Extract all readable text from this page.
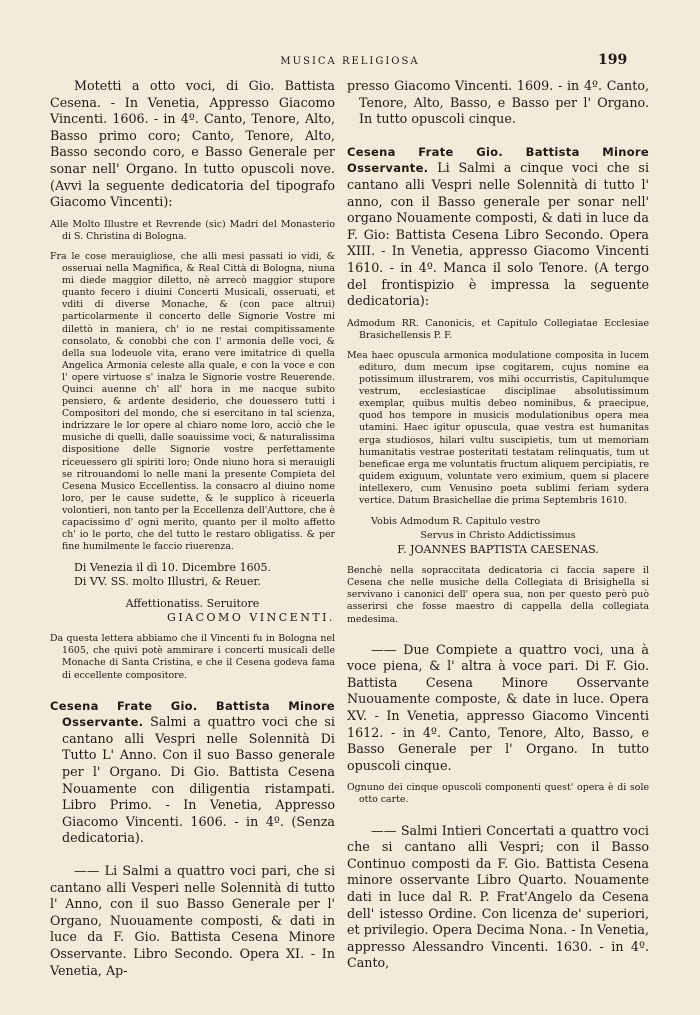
MUSICA RELIGIOSA	199

Motetti a otto voci, di Gio. Battista Cesena. - In Venetia, Appresso Giacomo Vincenti. 1606. - in 4º. Canto, Tenore, Alto, Basso primo coro; Canto, Tenore, Alto, Basso secondo coro, e Basso Generale per sonar nell' Organo. In tutto opuscoli nove. (Avvi la seguente dedicatoria del tipografo Giacomo Vincenti):

Alle Molto Illustre et Revrende (sic) Madri del Monasterio di S. Christina di Bologna.

Fra le cose merauigliose, che alli mesi passati io vidi, & osseruai nella Magnifica, & Real Città di Bologna, niuna mi diede maggior diletto, nè arrecò maggior stupore quanto fecero i diuini Concerti Musicali, osseruati, et vditi di diverse Monache, & (con pace altrui) particolarmente il concerto delle Signorie Vostre mi dilettò in maniera, ch' io ne restai compitissamente consolato, & conobbi che con l' armonia delle voci, & della sua lodeuole vita, erano vere imitatrice di quella Angelica Armonia celeste alla quale, e con la voce e con l' opere virtuose s' inalza le Signorie vostre Reuerende. Quinci auenne ch' all' hora in me nacque subito pensiero, & ardente desiderio, che douessero tutti i Compositori del mondo, che si esercitano in tal scienza, indrizzare le lor opere al chiaro nome loro, acciò che le musiche di quelli, dalle soauissime voci, & naturalissima dispositione delle Signorie vostre perfettamente riceuessero gli spiriti loro; Onde niuno hora si merauigli se ritrouandomi lo nelle mani la presente Compieta del Cesena Musico Eccellentiss. la consacro al diuino nome loro, per le cause sudette, & le supplico à riceuerla volontieri, non tanto per la Eccellenza dell'Auttore, che è capacissimo d' ogni merito, quanto per il molto affetto ch' io le porto, che del tutto le restaro obligatiss. & per fine humilmente le faccio riuerenza.

Di Venezia il dì 10. Dicembre 1605.

Di VV. SS. molto Illustri, & Reuer.

Affettionatiss. Seruitore

GIACOMO VINCENTI.

Da questa lettera abbiamo che il Vincenti fu in Bologna nel 1605, che quivi potè ammirare i concerti musicali delle Monache di Santa Cristina, e che il Cesena godeva fama di eccellente compositore.

Cesena Frate Gio. Battista Minore Osservante. Salmi a quattro voci che si cantano alli Vespri nelle Solennità Di Tutto L' Anno. Con il suo Basso generale per l' Organo. Di Gio. Battista Cesena Nouamente con diligentia ristampati. Libro Primo. - In Venetia, Appresso Giacomo Vincenti. 1606. - in 4º. (Senza dedicatoria).

—— Li Salmi a quattro voci pari, che si cantano alli Vesperi nelle Solennità di tutto l' Anno, con il suo Basso Generale per l' Organo, Nuouamente composti, & dati in luce da F. Gio. Battista Cesena Minore Osservante. Libro Secondo. Opera XI. - In Venetia, Ap-

presso Giacomo Vincenti. 1609. - in 4º. Canto, Tenore, Alto, Basso, e Basso per l' Organo. In tutto opuscoli cinque.

Cesena Frate Gio. Battista Minore Osservante. Li Salmi a cinque voci che si cantano alli Vespri nelle Solennità di tutto l' anno, con il Basso generale per sonar nell' organo Nouamente composti, & dati in luce da F. Gio: Battista Cesena Libro Secondo. Opera XIII. - In Venetia, appresso Giacomo Vincenti 1610. - in 4º. Manca il solo Tenore. (A tergo del frontispizio è impressa la seguente dedicatoria):

Admodum RR. Canonicis, et Capitulo Collegiatae Ecclesiae Brasichellensis P. F.

Mea haec opuscula armonica modulatione composita in lucem edituro, dum mecum ipse cogitarem, cujus nomine ea potissimum illustrarem, vos mihi occurristis, Capitulumque vestrum, ecclesiasticae disciplinae absolutissimum exemplar, quibus multis debeo nominibus, & praecipue, quod hos tempore in musicis modulationibus opera mea utamini. Haec igitur opuscula, quae vestra est humanitas erga studiosos, hilari vultu suscipietis, tum ut memoriam humanitatis vestrae posteritati testatam relinquatis, tum ut beneficae erga me voluntatis fructum aliquem percipiatis, re quidem exiguum, voluntate vero eximium, quem si placere intellexero, cum Venusino poeta sublimi feriam sydera vertice. Datum Brasichellae die prima Septembris 1610.

Vobis Admodum R. Capitulo vestro

Servus in Christo Addictissimus

F. JOANNES BAPTISTA CAESENAS.

Benchè nella sopraccitata dedicatoria ci faccia sapere il Cesena che nelle musiche della Collegiata di Brisighella si servivano i canonici dell' opera sua, non per questo però può asserirsi che fosse maestro di cappella della collegiata medesima.

—— Due Compiete a quattro voci, una à voce piena, & l' altra à voce pari. Di F. Gio. Battista Cesena Minore Osservante Nuouamente composte, & date in luce. Opera XV. - In Venetia, appresso Giacomo Vincenti 1612. - in 4º. Canto, Tenore, Alto, Basso, e Basso Generale per l' Organo. In tutto opuscoli cinque.

Ognuno dei cinque opuscoli componenti quest' opera è di sole otto carte.

—— Salmi Intieri Concertati a quattro voci che si cantano alli Vespri; con il Basso Continuo composti da F. Gio. Battista Cesena minore osservante Libro Quarto. Nouamente dati in luce dal R. P. Frat'Angelo da Cesena dell' istesso Ordine. Con licenza de' superiori, et privilegio. Opera Decima Nona. - In Venetia, appresso Alessandro Vincenti. 1630. - in 4º. Canto,
